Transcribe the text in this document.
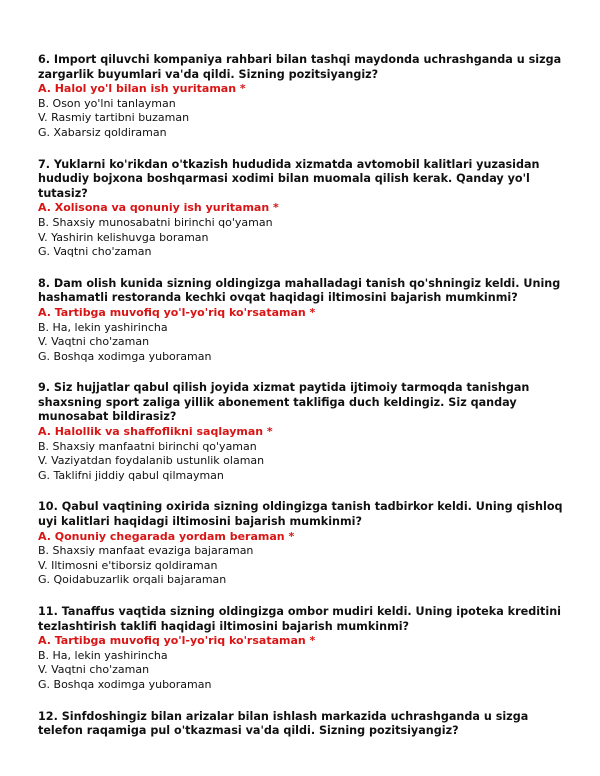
6. Import qiluvchi kompaniya rahbari bilan tashqi maydonda uchrashganda u sizga zargarlik buyumlari va'da qildi. Sizning pozitsiyangiz?

A. Halol yo'l bilan ish yuritaman *

B. Oson yo'lni tanlayman

V. Rasmiy tartibni buzaman

G. Xabarsiz qoldiraman

7. Yuklarni ko'rikdan o'tkazish hududida xizmatda avtomobil kalitlari yuzasidan hududiy bojxona boshqarmasi xodimi bilan muomala qilish kerak. Qanday yo'l tutasiz?

A. Xolisona va qonuniy ish yuritaman *

B. Shaxsiy munosabatni birinchi qo'yaman

V. Yashirin kelishuvga boraman

G. Vaqtni cho'zaman

8. Dam olish kunida sizning oldingizga mahalladagi tanish qo'shningiz keldi. Uning hashamatli restoranda kechki ovqat haqidagi iltimosini bajarish mumkinmi?

A. Tartibga muvofiq yo'l-yo'riq ko'rsataman *

B. Ha, lekin yashirincha

V. Vaqtni cho'zaman

G. Boshqa xodimga yuboraman

9. Siz hujjatlar qabul qilish joyida xizmat paytida ijtimoiy tarmoqda tanishgan shaxsning sport zaliga yillik abonement taklifiga duch keldingiz. Siz qanday munosabat bildirasiz?

A. Halollik va shaffoflikni saqlayman *

B. Shaxsiy manfaatni birinchi qo'yaman

V. Vaziyatdan foydalanib ustunlik olaman

G. Taklifni jiddiy qabul qilmayman

10. Qabul vaqtining oxirida sizning oldingizga tanish tadbirkor keldi. Uning qishloq uyi kalitlari haqidagi iltimosini bajarish mumkinmi?

A. Qonuniy chegarada yordam beraman *

B. Shaxsiy manfaat evaziga bajaraman

V. Iltimosni e'tiborsiz qoldiraman

G. Qoidabuzarlik orqali bajaraman

11. Tanaffus vaqtida sizning oldingizga ombor mudiri keldi. Uning ipoteka kreditini tezlashtirish taklifi haqidagi iltimosini bajarish mumkinmi?

A. Tartibga muvofiq yo'l-yo'riq ko'rsataman *

B. Ha, lekin yashirincha

V. Vaqtni cho'zaman

G. Boshqa xodimga yuboraman

12. Sinfdoshingiz bilan arizalar bilan ishlash markazida uchrashganda u sizga telefon raqamiga pul o'tkazmasi va'da qildi. Sizning pozitsiyangiz?
